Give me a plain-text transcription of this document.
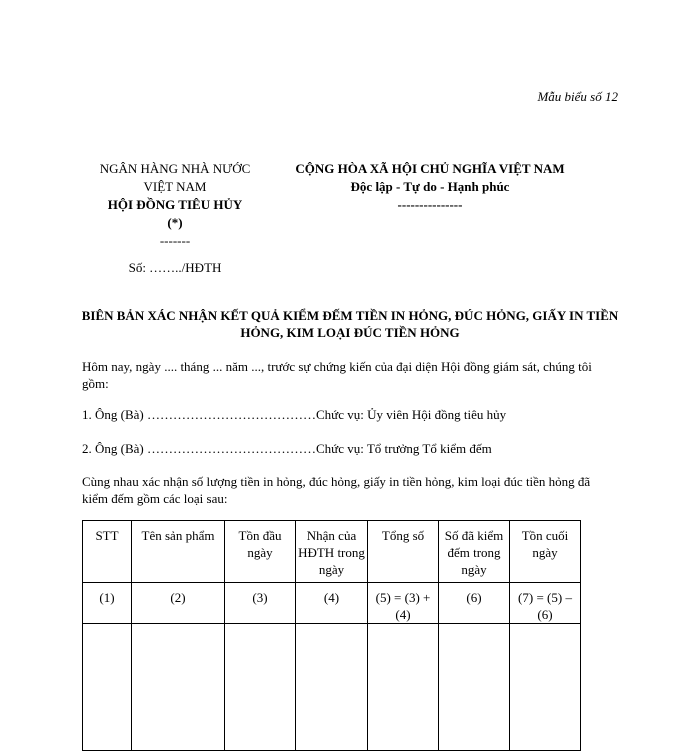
Mẫu biểu số 12
NGÂN HÀNG NHÀ NƯỚC
VIỆT NAM
HỘI ĐỒNG TIÊU HỦY
(*)
-------
Số: ……../HĐTH
CỘNG HÒA XÃ HỘI CHỦ NGHĨA VIỆT NAM
Độc lập - Tự do - Hạnh phúc
---------------
BIÊN BẢN XÁC NHẬN KẾT QUẢ KIỂM ĐẾM TIỀN IN HỎNG, ĐÚC HỎNG, GIẤY IN TIỀN HỎNG, KIM LOẠI ĐÚC TIỀN HỎNG
Hôm nay, ngày .... tháng ... năm ..., trước sự chứng kiến của đại diện Hội đồng giám sát, chúng tôi gồm:
1. Ông (Bà) …………………………………Chức vụ: Ủy viên Hội đồng tiêu hủy
2. Ông (Bà) …………………………………Chức vụ: Tổ trưởng Tổ kiểm đếm
Cùng nhau xác nhận số lượng tiền in hỏng, đúc hỏng, giấy in tiền hỏng, kim loại đúc tiền hỏng đã kiểm đếm gồm các loại sau:
STT	Tên sản phẩm	Tồn đầu ngày	Nhận của HĐTH trong ngày	Tổng số	Số đã kiểm đếm trong ngày	Tồn cuối ngày
(1)	(2)	(3)	(4)	(5) = (3) + (4)	(6)	(7) = (5) – (6)
